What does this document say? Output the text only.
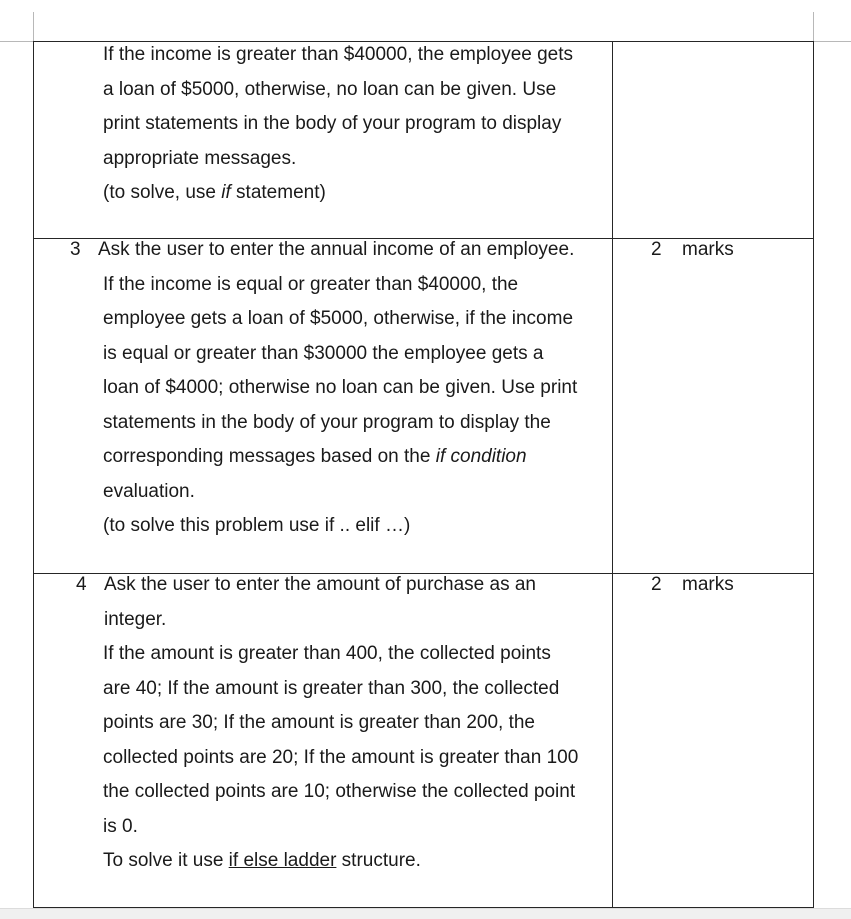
If the income is greater than $40000, the employee gets
a loan of $5000, otherwise, no loan can be given. Use
print statements in the body of your program to display
appropriate messages.
(to solve, use if statement)
3 Ask the user to enter the annual income of an employee.
If the income is equal or greater than $40000, the
employee gets a loan of $5000, otherwise, if the income
is equal or greater than $30000 the employee gets a
loan of $4000; otherwise no loan can be given. Use print
statements in the body of your program to display the
corresponding messages based on the if condition
evaluation.
(to solve this problem use if .. elif …)
2 marks
4 Ask the user to enter the amount of purchase as an
integer.
If the amount is greater than 400, the collected points
are 40; If the amount is greater than 300, the collected
points are 30; If the amount is greater than 200, the
collected points are 20; If the amount is greater than 100
the collected points are 10; otherwise the collected point
is 0.
To solve it use if else ladder structure.
2 marks
